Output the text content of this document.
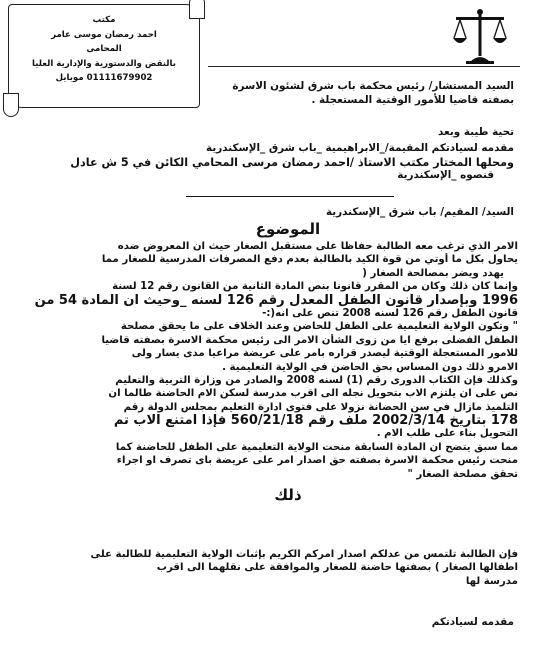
مكتب
احمد رمضان موسى عامر
المحامى
بالنقض والدستورية والإدارية العليا
01111679902 موبايل
السيد المستشار/ رئيس محكمة باب شرق لشئون الاسرة
بصفته قاضيا للأمور الوقتية المستعجلة .
تحية طيبة وبعد
مقدمه لسيادتكم المقيمة/_الابراهيمية _باب شرق _الإسكندرية
ومحلها المختار مكتب الاستاذ /احمد رمضان مرسى المحامي الكائن في 5 ش عادل
قنصوه _الإسكندرية
السيد/ المقيم/ باب شرق _الإسكندرية
الموضوع
الامر الذي ترغب معه الطالبة حفاظا على مستقبل الصغار حيث ان المعروض ضده
يحاول بكل ما أوتي من قوة الكيد بالطالبة بعدم دفع المصرفات المدرسية للصغار مما
يهدد ويضر بمصالحة الصغار (
وإنما كان ذلك وكان من المقرر قانونا بنص المادة الثانية من القانون رقم 12 لسنة
1996 وبإصدار قانون الطفل المعدل رقم 126 لسنه _وحيث ان المادة 54 من
قانون الطفل رقم 126 لسنه 2008 تنص على انه(:-
" وتكون الولاية التعليمية على الطفل للحاضن وعند الخلاف على ما يحقق مصلحة
الطفل الفضلى برفع ايا من زوى الشأن الامر الى رئيس محكمة الاسرة بصفته قاضيا
للامور المستعجلة الوقتية ليصدر قراره بامر على عريضة مراعيا مدى يسار ولى
الامرو ذلك دون المساس بحق الحاضن في الولاية التعليمية .
وكذلك فإن الكتاب الدورى رقم (1) لسنه 2008 والصادر من وزارة التربية والتعليم
نص على ان يلتزم الاب بتحويل نجله الى اقرب مدرسة لسكن الام الحاضنة طالما ان
التلميذ مازال في سن الحضانة نزولا على فتوى ادارة التعليم بمجلس الدولة رقم
178 بتاريخ 2002/3/14 ملف رقم 560/21/18 فإذا امتنع الاب تم
التحويل بناء على طلب الام .
مما سبق يتضح ان المادة السابقة منحت الولاية التعليمية على الطفل للحاضنة كما
منحت رئيس محكمة الاسرة بصفته حق اصدار امر على عريضة باى تصرف او اجراء
تحقق مصلحة الصغار "
ذلك
فإن الطالبة تلتمس من عدلكم اصدار امركم الكريم بإثبات الولاية التعليمية للطالبة على
اطفالها الصغار ) بصفتها حاضنة للصغار والموافقة على نقلهما الى اقرب
مدرسة لها
مقدمه لسيادتكم
